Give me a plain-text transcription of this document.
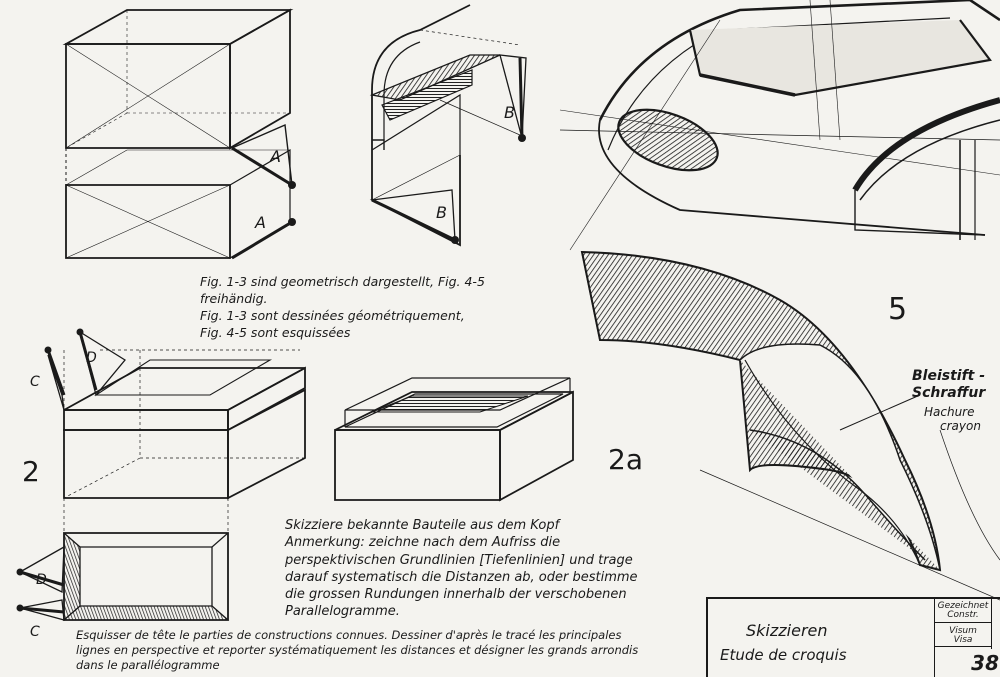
A
A
B
B
C
D
D
C
2	2a
5
Fig. 1-3 sind geometrisch dargestellt, Fig. 4-5
freihändig.
Fig. 1-3 sont dessinées géométriquement,
Fig. 4-5 sont esquissées
Skizziere bekannte Bauteile aus dem Kopf
Anmerkung: zeichne nach dem Aufriss die
perspektivischen Grundlinien [Tiefenlinien] und trage
darauf systematisch die Distanzen ab, oder bestimme
die grossen Rundungen innerhalb der verschobenen
Parallelogramme.
Esquisser de tête le parties de constructions connues. Dessiner d'après le tracé les principales
lignes en perspective et reporter systématiquement les distances et désigner les grands arrondis
dans le parallélogramme
Bleistift -
Schraffur
Hachure
crayon
Skizzieren
Etude de croquis
Gezeichnet
Constr.
Visum
Visa
38
